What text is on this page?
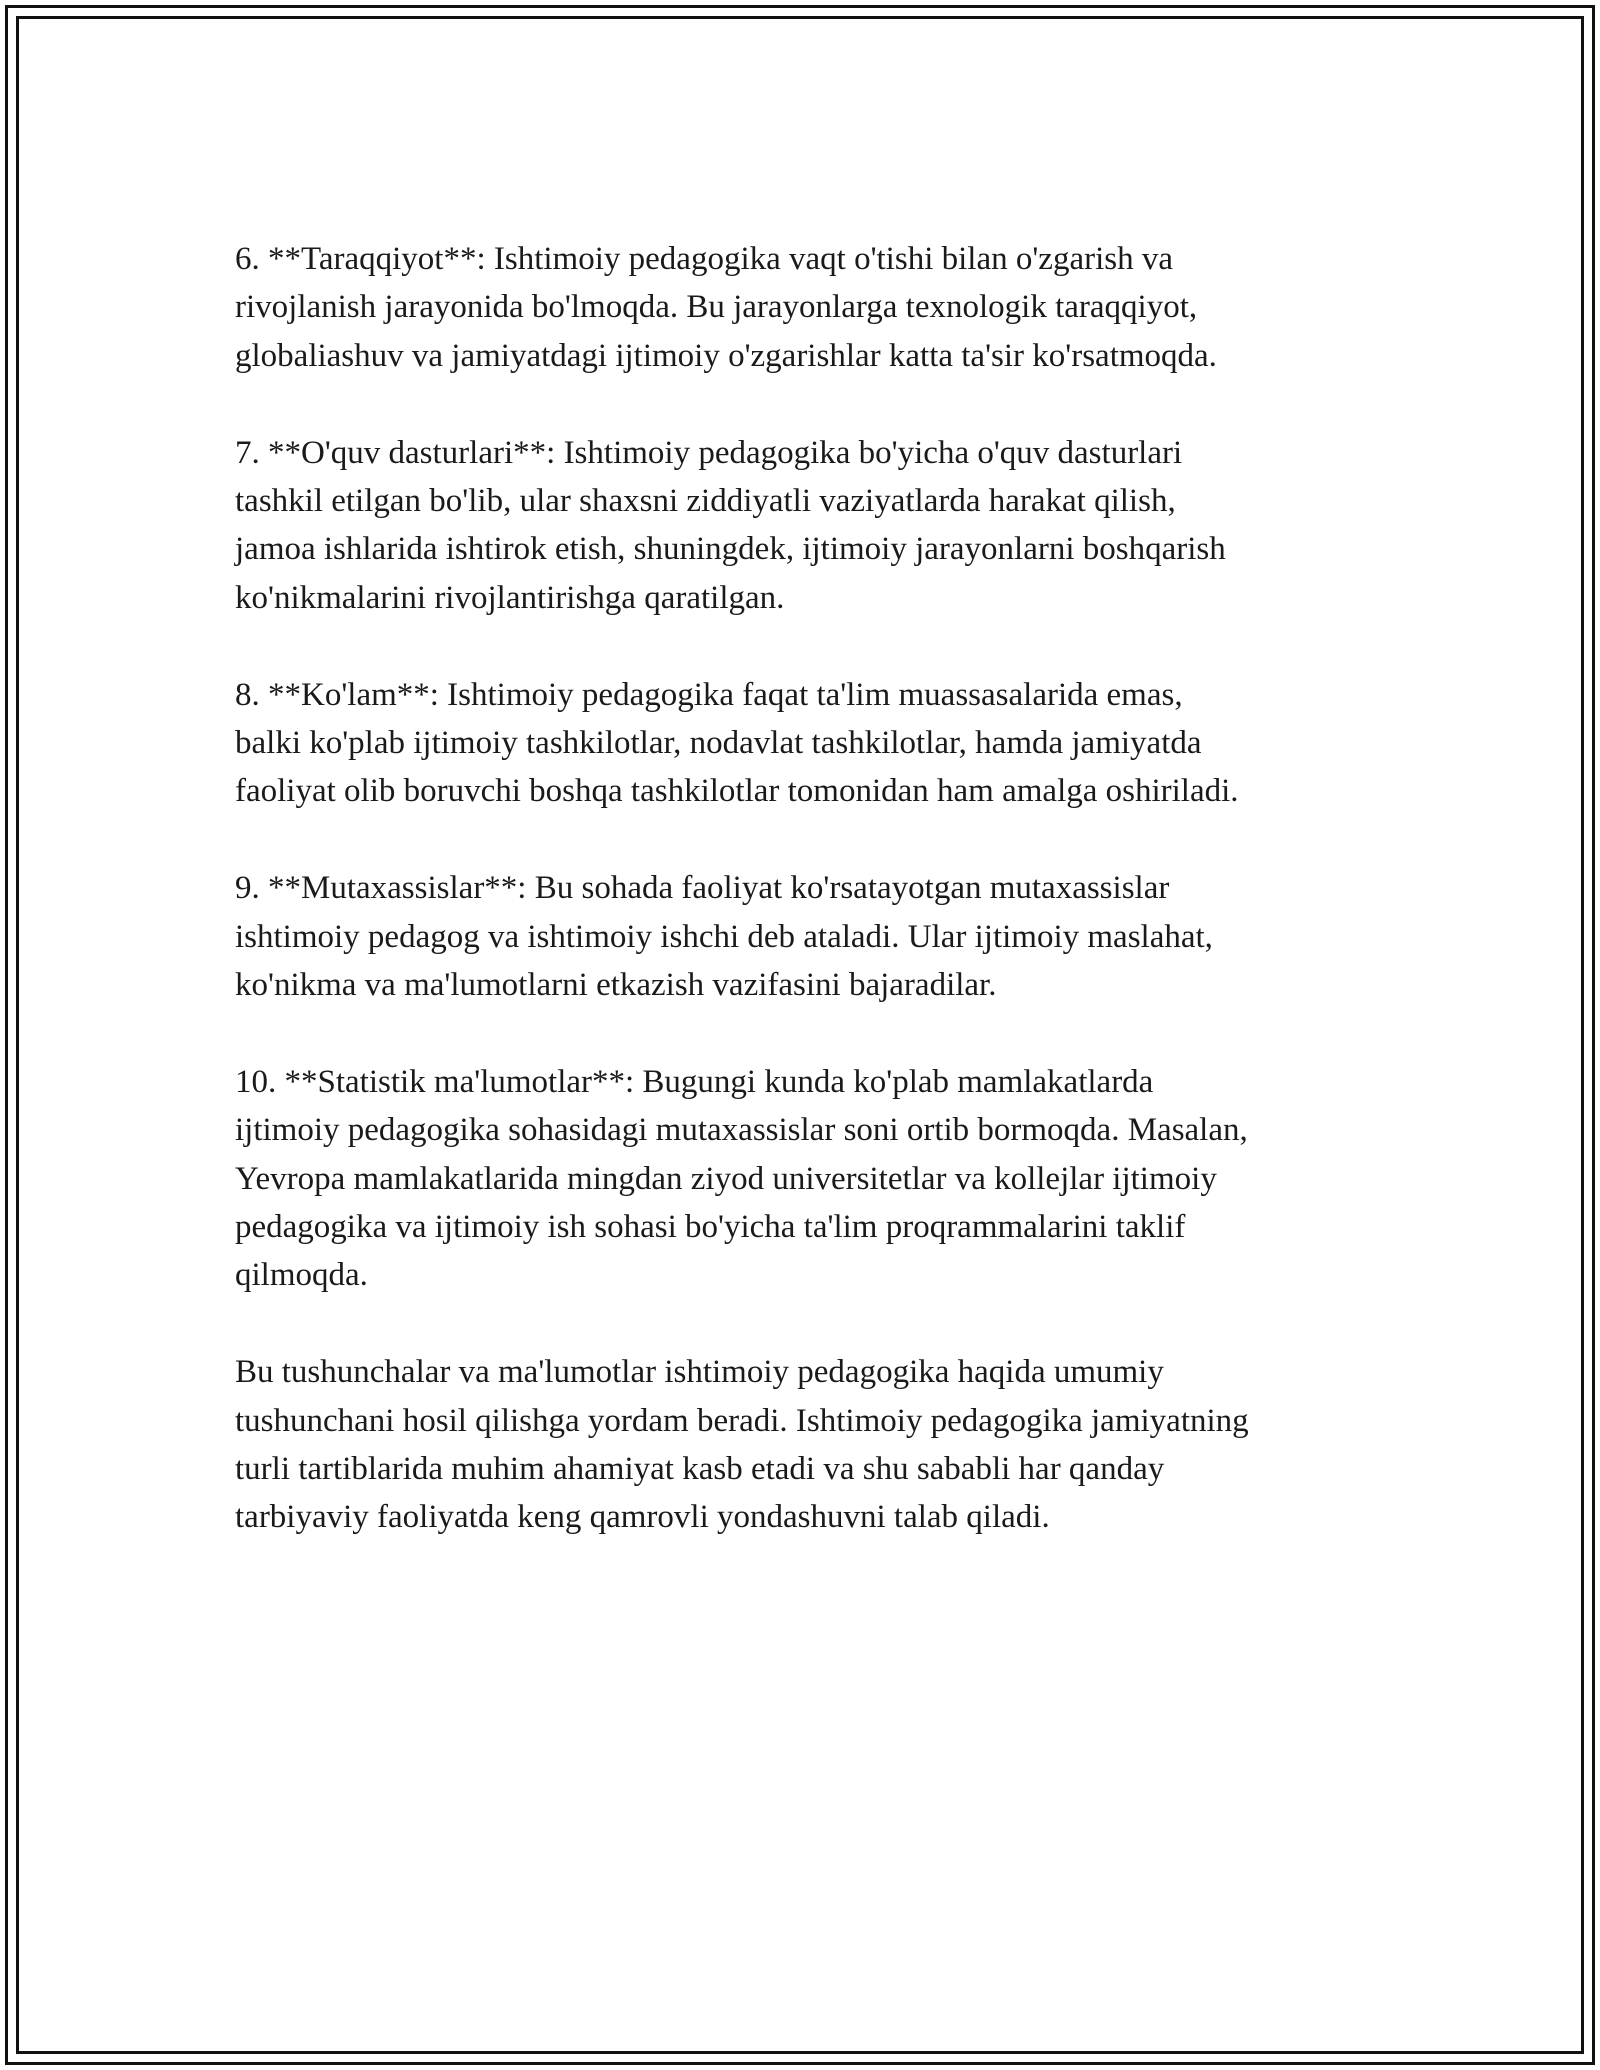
6. **Taraqqiyot**: Ishtimoiy pedagogika vaqt o'tishi bilan o'zgarish va
rivojlanish jarayonida bo'lmoqda. Bu jarayonlarga texnologik taraqqiyot,
globaliashuv va jamiyatdagi ijtimoiy o'zgarishlar katta ta'sir ko'rsatmoqda.

7. **O'quv dasturlari**: Ishtimoiy pedagogika bo'yicha o'quv dasturlari
tashkil etilgan bo'lib, ular shaxsni ziddiyatli vaziyatlarda harakat qilish,
jamoa ishlarida ishtirok etish, shuningdek, ijtimoiy jarayonlarni boshqarish
ko'nikmalarini rivojlantirishga qaratilgan.

8. **Ko'lam**: Ishtimoiy pedagogika faqat ta'lim muassasalarida emas,
balki ko'plab ijtimoiy tashkilotlar, nodavlat tashkilotlar, hamda jamiyatda
faoliyat olib boruvchi boshqa tashkilotlar tomonidan ham amalga oshiriladi.

9. **Mutaxassislar**: Bu sohada faoliyat ko'rsatayotgan mutaxassislar
ishtimoiy pedagog va ishtimoiy ishchi deb ataladi. Ular ijtimoiy maslahat,
ko'nikma va ma'lumotlarni etkazish vazifasini bajaradilar.

10. **Statistik ma'lumotlar**: Bugungi kunda ko'plab mamlakatlarda
ijtimoiy pedagogika sohasidagi mutaxassislar soni ortib bormoqda. Masalan,
Yevropa mamlakatlarida mingdan ziyod universitetlar va kollejlar ijtimoiy
pedagogika va ijtimoiy ish sohasi bo'yicha ta'lim proqrammalarini taklif
qilmoqda.

Bu tushunchalar va ma'lumotlar ishtimoiy pedagogika haqida umumiy
tushunchani hosil qilishga yordam beradi. Ishtimoiy pedagogika jamiyatning
turli tartiblarida muhim ahamiyat kasb etadi va shu sababli har qanday
tarbiyaviy faoliyatda keng qamrovli yondashuvni talab qiladi.
